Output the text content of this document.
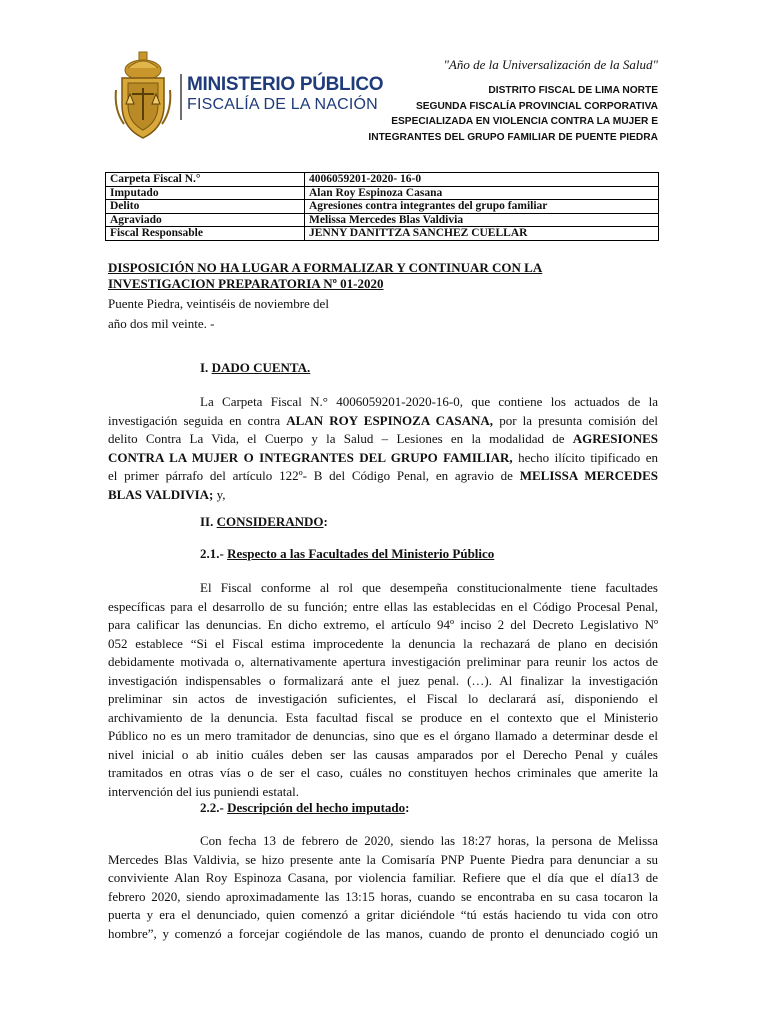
MINISTERIO PÚBLICO
FISCALÍA DE LA NACIÓN
"Año de la Universalización de la Salud"
DISTRITO FISCAL DE LIMA NORTE
SEGUNDA FISCALÍA PROVINCIAL CORPORATIVA
ESPECIALIZADA EN VIOLENCIA CONTRA LA MUJER E
INTEGRANTES DEL GRUPO FAMILIAR DE PUENTE PIEDRA
Carpeta Fiscal N.°	4006059201-2020- 16-0
Imputado	Alan Roy Espinoza Casana
Delito	Agresiones contra integrantes del grupo familiar
Agraviado	Melissa Mercedes Blas Valdivia
Fiscal Responsable	JENNY DANITTZA SANCHEZ CUELLAR
DISPOSICIÓN NO HA LUGAR A FORMALIZAR Y CONTINUAR CON LA
INVESTIGACION PREPARATORIA Nº 01-2020
Puente Piedra, veintiséis de noviembre del
año dos mil veinte. -
I. DADO CUENTA.
La Carpeta Fiscal N.° 4006059201-2020-16-0, que contiene los actuados de la
investigación seguida en contra ALAN ROY ESPINOZA CASANA, por la presunta comisión del
delito Contra La Vida, el Cuerpo y la Salud – Lesiones en la modalidad de AGRESIONES
CONTRA LA MUJER O INTEGRANTES DEL GRUPO FAMILIAR, hecho ilícito tipificado en
el primer párrafo del artículo 122º- B del Código Penal, en agravio de MELISSA MERCEDES
BLAS VALDIVIA; y,
II. CONSIDERANDO:
2.1.- Respecto a las Facultades del Ministerio Público
El Fiscal conforme al rol que desempeña constitucionalmente tiene facultades
específicas para el desarrollo de su función; entre ellas las establecidas en el Código Procesal Penal,
para calificar las denuncias. En dicho extremo, el artículo 94º inciso 2 del Decreto Legislativo Nº
052 establece “Si el Fiscal estima improcedente la denuncia la rechazará de plano en decisión
debidamente motivada o, alternativamente apertura investigación preliminar para reunir los actos de
investigación indispensables o formalizará ante el juez penal. (…). Al finalizar la investigación
preliminar sin actos de investigación suficientes, el Fiscal lo declarará así, disponiendo el
archivamiento de la denuncia. Esta facultad fiscal se produce en el contexto que el Ministerio
Público no es un mero tramitador de denuncias, sino que es el órgano llamado a determinar desde el
nivel inicial o ab initio cuáles deben ser las causas amparados por el Derecho Penal y cuáles
tramitados en otras vías o de ser el caso, cuáles no constituyen hechos criminales que amerite la
intervención del ius puniendi estatal.
2.2.- Descripción del hecho imputado:
Con fecha 13 de febrero de 2020, siendo las 18:27 horas, la persona de Melissa
Mercedes Blas Valdivia, se hizo presente ante la Comisaría PNP Puente Piedra para denunciar a su
conviviente Alan Roy Espinoza Casana, por violencia familiar. Refiere que el día que el día13 de
febrero 2020, siendo aproximadamente las 13:15 horas, cuando se encontraba en su casa tocaron la
puerta y era el denunciado, quien comenzó a gritar diciéndole “tú estás haciendo tu vida con otro
hombre”, y comenzó a forcejar cogiéndole de las manos, cuando de pronto el denunciado cogió un
